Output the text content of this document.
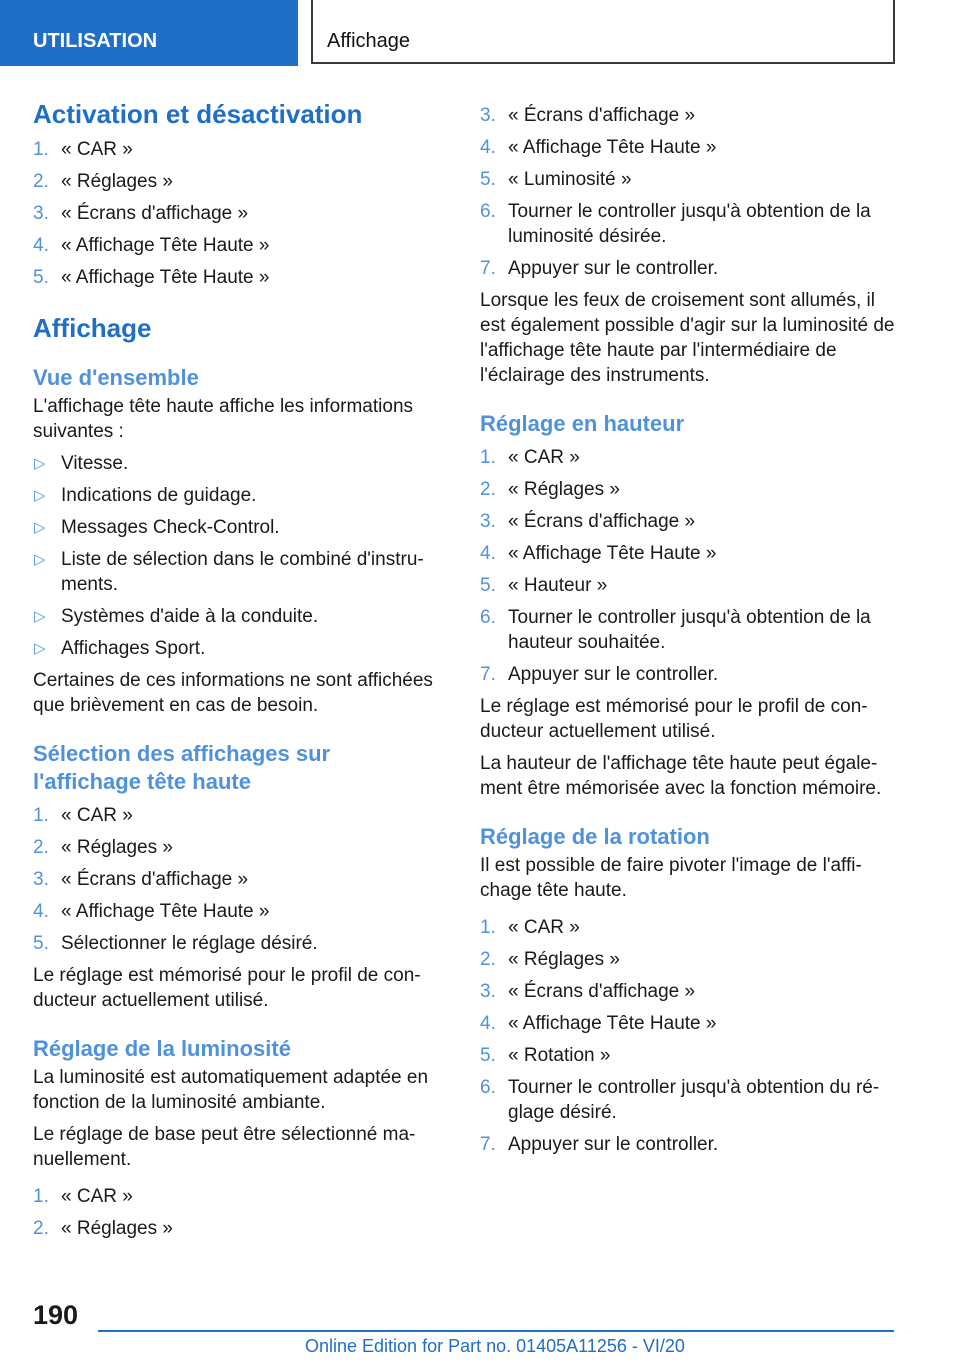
UTILISATION	Affichage
Activation et désactivation
1. « CAR »
2. « Réglages »
3. « Écrans d'affichage »
4. « Affichage Tête Haute »
5. « Affichage Tête Haute »
Affichage
Vue d'ensemble

L'affichage tête haute affiche les informations suivantes :

▷ Vitesse.
▷ Indications de guidage.
▷ Messages Check-Control.
▷ Liste de sélection dans le combiné d'instruments.
▷ Systèmes d'aide à la conduite.
▷ Affichages Sport.

Certaines de ces informations ne sont affichées que brièvement en cas de besoin.

Sélection des affichages sur l'affichage tête haute
1. « CAR »
2. « Réglages »
3. « Écrans d'affichage »
4. « Affichage Tête Haute »
5. Sélectionner le réglage désiré.

Le réglage est mémorisé pour le profil de conducteur actuellement utilisé.

Réglage de la luminosité

La luminosité est automatiquement adaptée en fonction de la luminosité ambiante.

Le réglage de base peut être sélectionné manuellement.

1. « CAR »
2. « Réglages »
3. « Écrans d'affichage »
4. « Affichage Tête Haute »
5. « Luminosité »
6. Tourner le controller jusqu'à obtention de la luminosité désirée.
7. Appuyer sur le controller.

Lorsque les feux de croisement sont allumés, il est également possible d'agir sur la luminosité de l'affichage tête haute par l'intermédiaire de l'éclairage des instruments.

Réglage en hauteur
1. « CAR »
2. « Réglages »
3. « Écrans d'affichage »
4. « Affichage Tête Haute »
5. « Hauteur »
6. Tourner le controller jusqu'à obtention de la hauteur souhaitée.
7. Appuyer sur le controller.

Le réglage est mémorisé pour le profil de conducteur actuellement utilisé.

La hauteur de l'affichage tête haute peut également être mémorisée avec la fonction mémoire.

Réglage de la rotation

Il est possible de faire pivoter l'image de l'affichage tête haute.

1. « CAR »
2. « Réglages »
3. « Écrans d'affichage »
4. « Affichage Tête Haute »
5. « Rotation »
6. Tourner le controller jusqu'à obtention du réglage désiré.
7. Appuyer sur le controller.
190
Online Edition for Part no. 01405A11256 - VI/20
